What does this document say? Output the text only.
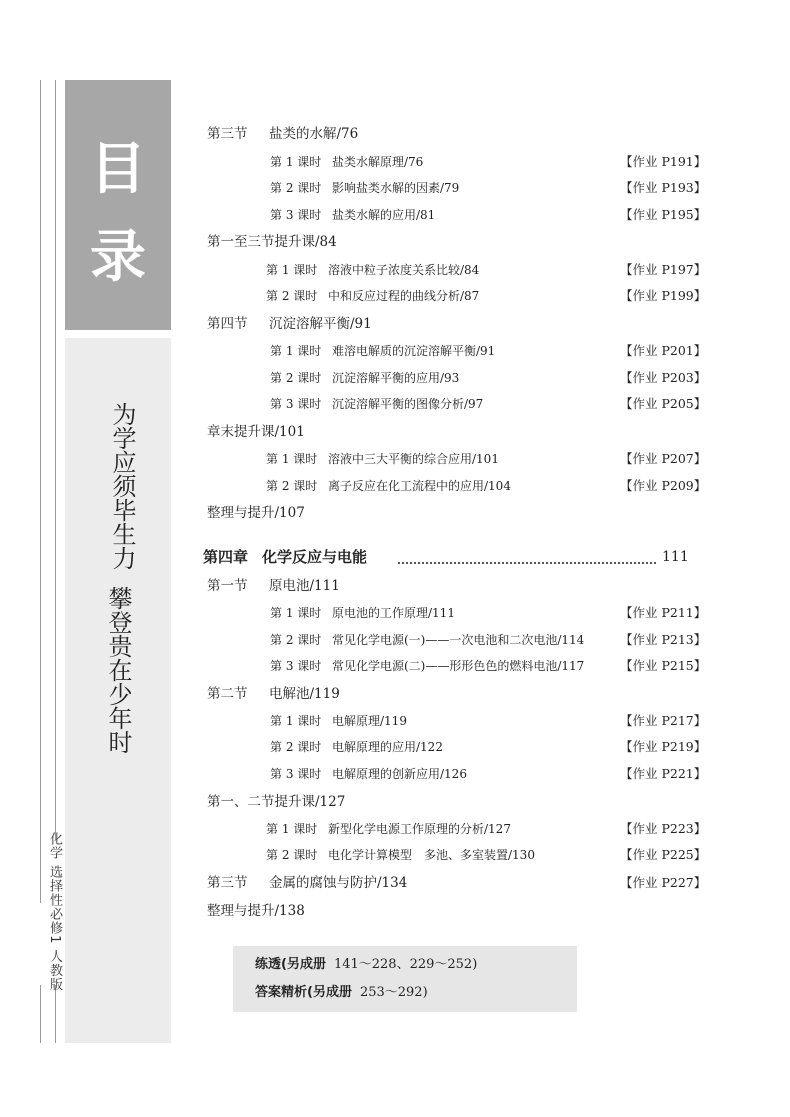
化学 选择性必修1 人教版
目
录
为学应须毕生力
攀登贵在少年时
第三节 盐类的水解/76
第 1 课时 盐类水解原理/76	【作业 P191】
第 2 课时 影响盐类水解的因素/79	【作业 P193】
第 3 课时 盐类水解的应用/81	【作业 P195】
第一至三节提升课/84
第 1 课时 溶液中粒子浓度关系比较/84	【作业 P197】
第 2 课时 中和反应过程的曲线分析/87	【作业 P199】
第四节 沉淀溶解平衡/91
第 1 课时 难溶电解质的沉淀溶解平衡/91	【作业 P201】
第 2 课时 沉淀溶解平衡的应用/93	【作业 P203】
第 3 课时 沉淀溶解平衡的图像分析/97	【作业 P205】
章末提升课/101
第 1 课时 溶液中三大平衡的综合应用/101	【作业 P207】
第 2 课时 离子反应在化工流程中的应用/104	【作业 P209】
整理与提升/107
第四章 化学反应与电能	111
第一节 原电池/111
第 1 课时 原电池的工作原理/111	【作业 P211】
第 2 课时 常见化学电源(一)——一次电池和二次电池/114	【作业 P213】
第 3 课时 常见化学电源(二)——形形色色的燃料电池/117	【作业 P215】
第二节 电解池/119
第 1 课时 电解原理/119	【作业 P217】
第 2 课时 电解原理的应用/122	【作业 P219】
第 3 课时 电解原理的创新应用/126	【作业 P221】
第一、二节提升课/127
第 1 课时 新型化学电源工作原理的分析/127	【作业 P223】
第 2 课时 电化学计算模型　多池、多室装置/130	【作业 P225】
第三节 金属的腐蚀与防护/134	【作业 P227】
整理与提升/138
练透(另成册 141～228、229～252)
答案精析(另成册 253～292)
